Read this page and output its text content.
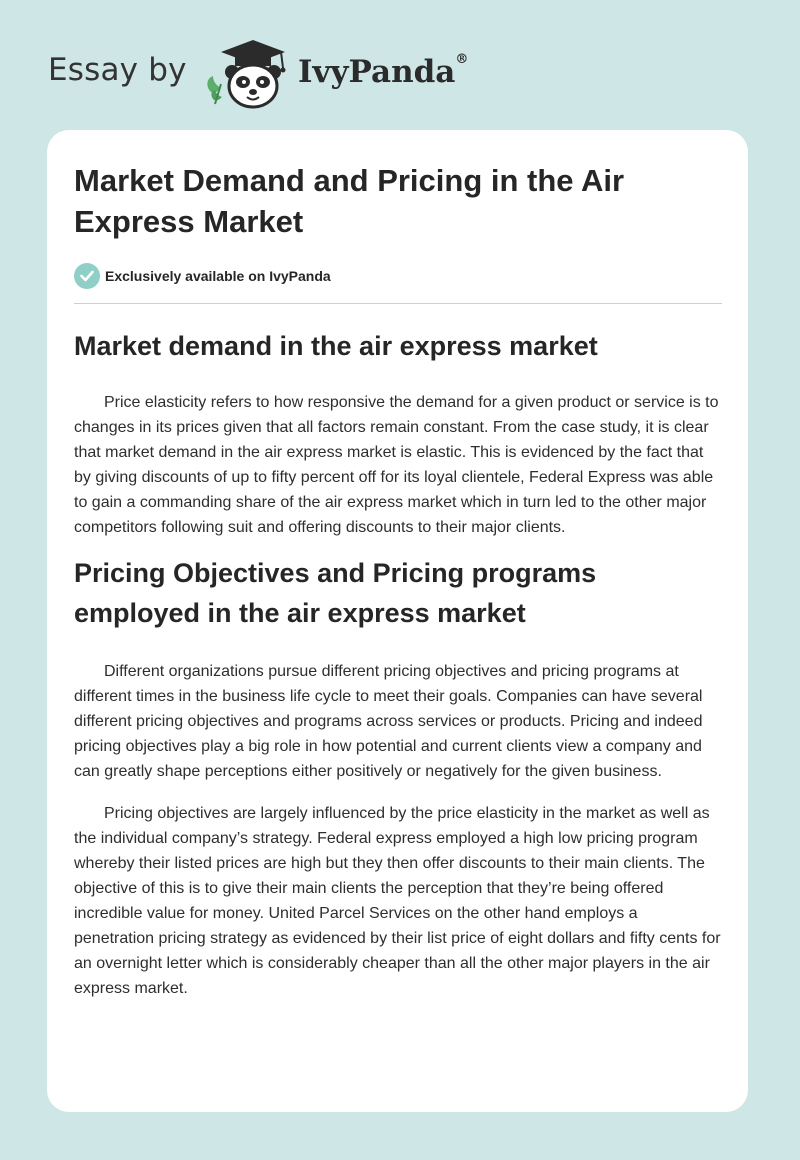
Essay by	IvyPanda®
Market Demand and Pricing in the Air Express Market
Exclusively available on IvyPanda
Market demand in the air express market

Price elasticity refers to how responsive the demand for a given product or service is to changes in its prices given that all factors remain constant. From the case study, it is clear that market demand in the air express market is elastic. This is evidenced by the fact that by giving discounts of up to fifty percent off for its loyal clientele, Federal Express was able to gain a commanding share of the air express market which in turn led to the other major competitors following suit and offering discounts to their major clients.

Pricing Objectives and Pricing programs employed in the air express market

Different organizations pursue different pricing objectives and pricing programs at different times in the business life cycle to meet their goals. Companies can have several different pricing objectives and programs across services or products. Pricing and indeed pricing objectives play a big role in how potential and current clients view a company and can greatly shape perceptions either positively or negatively for the given business.

Pricing objectives are largely influenced by the price elasticity in the market as well as the individual company’s strategy. Federal express employed a high low pricing program whereby their listed prices are high but they then offer discounts to their main clients. The objective of this is to give their main clients the perception that they’re being offered incredible value for money. United Parcel Services on the other hand employs a penetration pricing strategy as evidenced by their list price of eight dollars and fifty cents for an overnight letter which is considerably cheaper than all the other major players in the air express market.
